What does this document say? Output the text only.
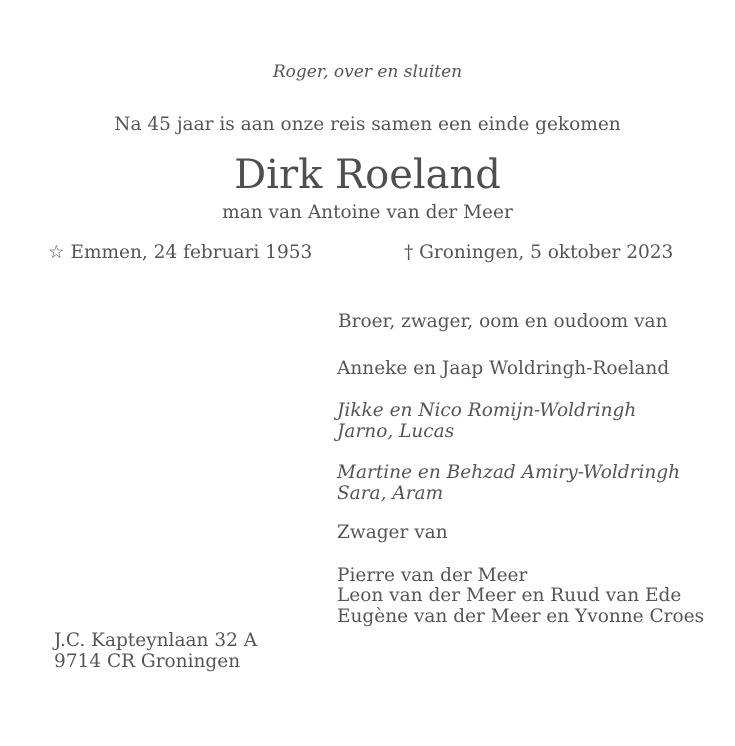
Roger, over en sluiten
Na 45 jaar is aan onze reis samen een einde gekomen
Dirk Roeland
man van Antoine van der Meer
☆ Emmen, 24 februari 1953	† Groningen, 5 oktober 2023
Broer, zwager, oom en oudoom van
Anneke en Jaap Woldringh-Roeland
Jikke en Nico Romijn-Woldringh
Jarno, Lucas
Martine en Behzad Amiry-Woldringh
Sara, Aram
Zwager van
Pierre van der Meer
Leon van der Meer en Ruud van Ede
Eugène van der Meer en Yvonne Croes
J.C. Kapteynlaan 32 A
9714 CR Groningen
